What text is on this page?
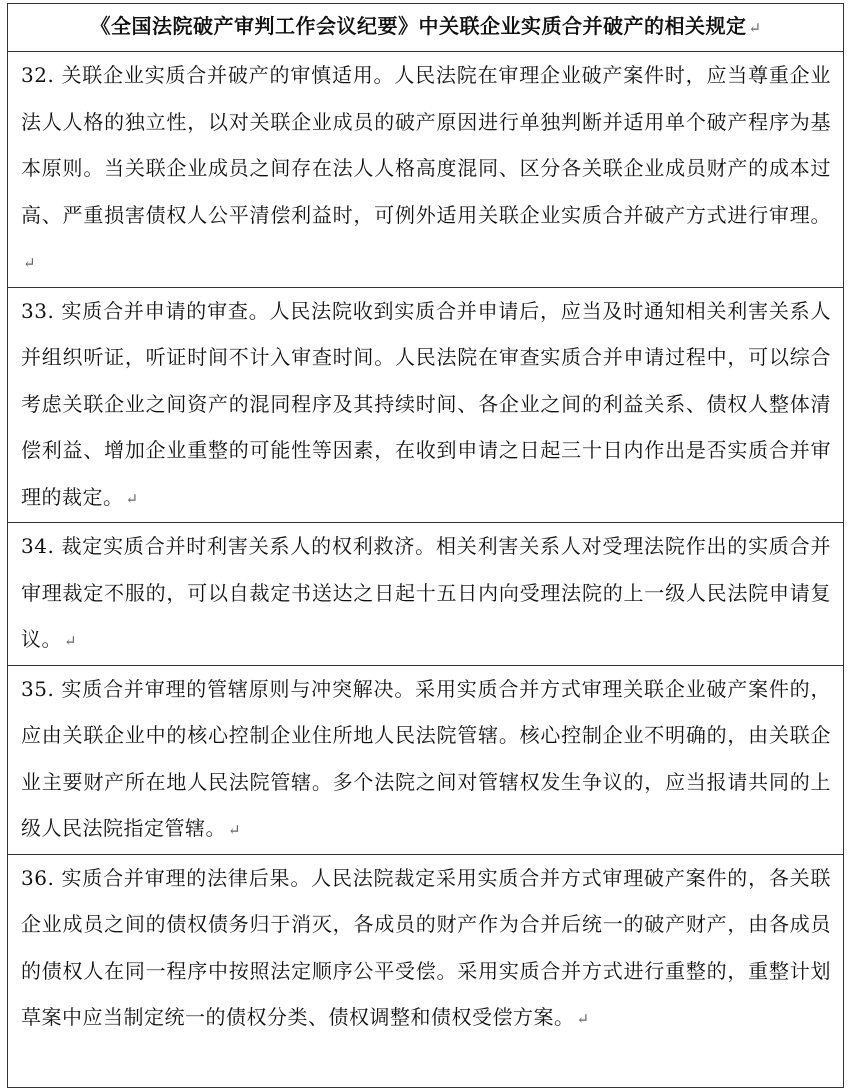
《全国法院破产审判工作会议纪要》中关联企业实质合并破产的相关规定 ↵

32. 关联企业实质合并破产的审慎适用。人民法院在审理企业破产案件时，应当尊重企业法人人格的独立性，以对关联企业成员的破产原因进行单独判断并适用单个破产程序为基本原则。当关联企业成员之间存在法人人格高度混同、区分各关联企业成员财产的成本过高、严重损害债权人公平清偿利益时，可例外适用关联企业实质合并破产方式进行审理。↵

33. 实质合并申请的审查。人民法院收到实质合并申请后，应当及时通知相关利害关系人并组织听证，听证时间不计入审查时间。人民法院在审查实质合并申请过程中，可以综合考虑关联企业之间资产的混同程序及其持续时间、各企业之间的利益关系、债权人整体清偿利益、增加企业重整的可能性等因素，在收到申请之日起三十日内作出是否实质合并审理的裁定。 ↵

34. 裁定实质合并时利害关系人的权利救济。相关利害关系人对受理法院作出的实质合并审理裁定不服的，可以自裁定书送达之日起十五日内向受理法院的上一级人民法院申请复议。 ↵

35. 实质合并审理的管辖原则与冲突解决。采用实质合并方式审理关联企业破产案件的，应由关联企业中的核心控制企业住所地人民法院管辖。核心控制企业不明确的，由关联企业主要财产所在地人民法院管辖。多个法院之间对管辖权发生争议的，应当报请共同的上级人民法院指定管辖。 ↵

36. 实质合并审理的法律后果。人民法院裁定采用实质合并方式审理破产案件的，各关联企业成员之间的债权债务归于消灭，各成员的财产作为合并后统一的破产财产，由各成员的债权人在同一程序中按照法定顺序公平受偿。采用实质合并方式进行重整的，重整计划草案中应当制定统一的债权分类、债权调整和债权受偿方案。 ↵
